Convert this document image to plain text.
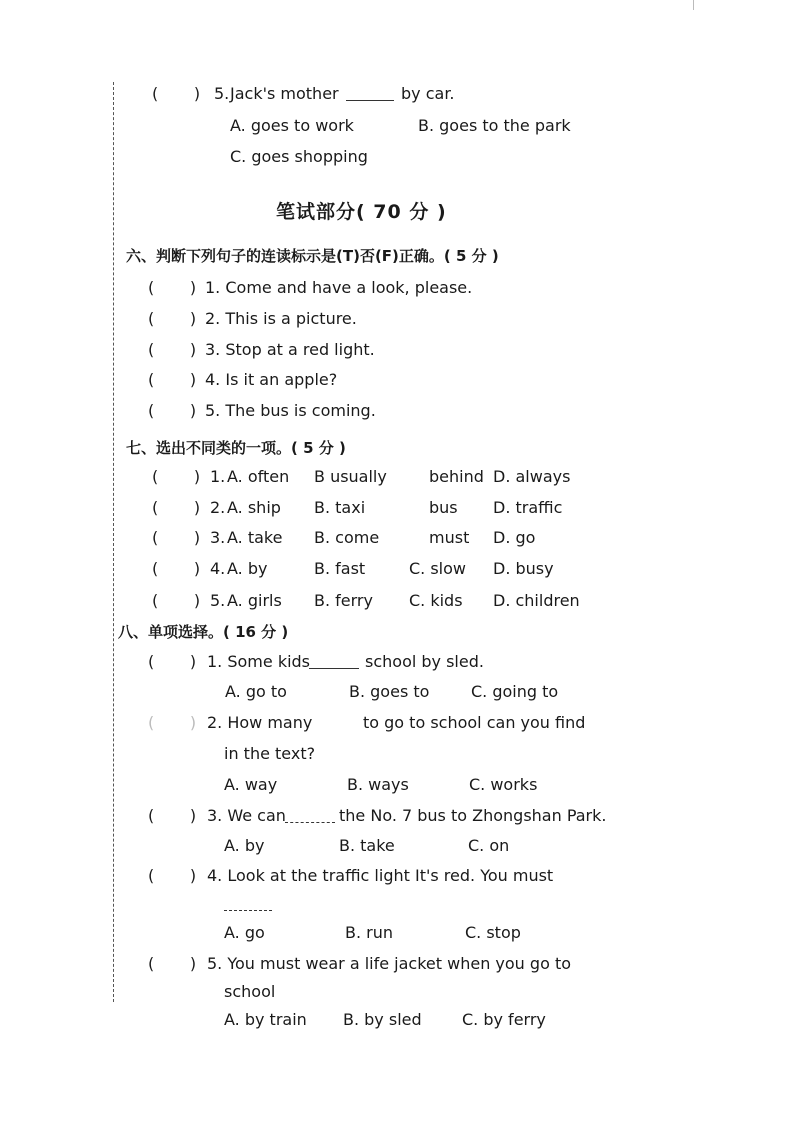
(       ) 5. Jack's mother	by car.
A. goes to work	B. goes to the park
C. goes shopping
笔试部分( 70 分 )
六、判断下列句子的连读标示是(T)否(F)正确。( 5 分 )
(       ) 1. Come and have a look, please.
(       ) 2. This is a picture.
(       ) 3. Stop at a red light.
(       ) 4. Is it an apple?
(       ) 5. The bus is coming.
七、选出不同类的一项。( 5 分 )
(       ) 1. A. often B usually	behind D. always
(       ) 2. A. ship B. taxi	bus D. traffic
(       ) 3. A. take B. come	must D. go
(       ) 4. A. by	B. fast	C. slow D. busy
(       ) 5. A. girls B. ferry C. kids D. children
八、单项选择。( 16 分 )
(       ) 1. Some kids	school by sled.
A. go to	B. goes to	C. going to
(       ) 2. How many	to go to school can you find
in the text?
A. way	B. ways	C. works
(       ) 3. We can	the No. 7 bus to Zhongshan Park.
A. by	B. take	C. on
(       ) 4. Look at the traffic light It's red. You must
A. go	B. run	C. stop
(       ) 5. You must wear a life jacket when you go to
school
A. by train B. by sled	C. by ferry
